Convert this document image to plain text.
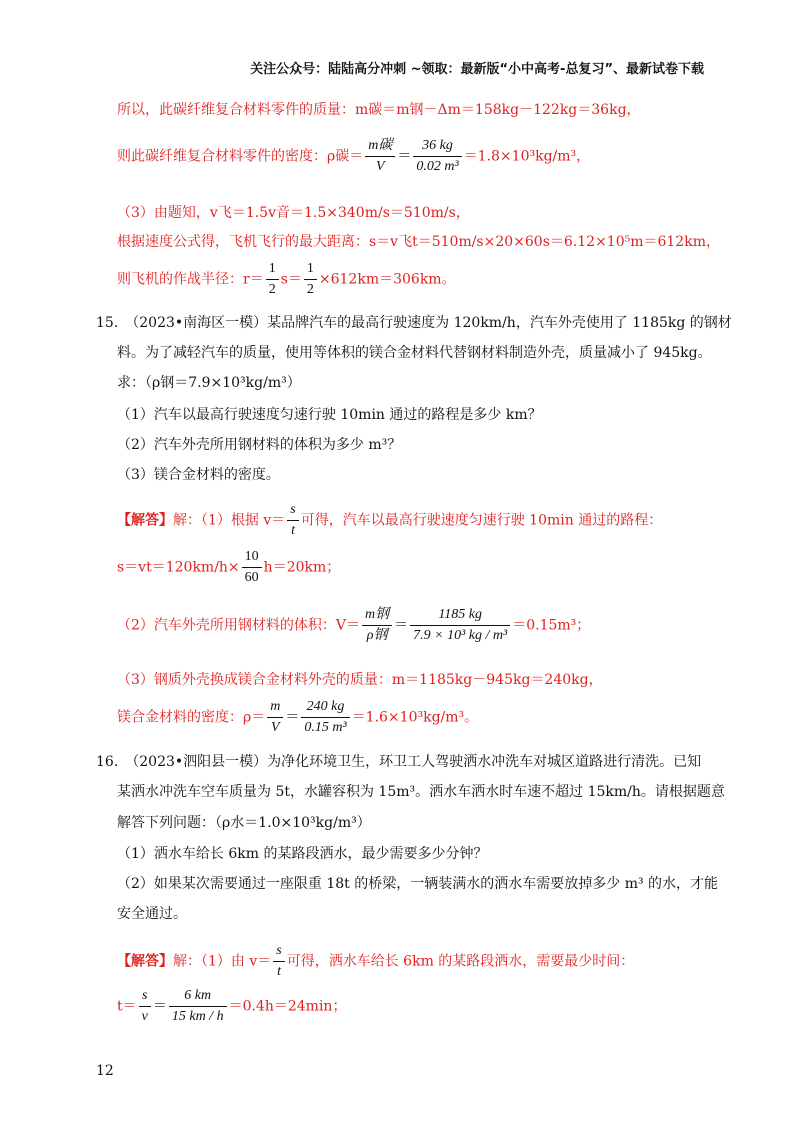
关注公众号：陆陆高分冲刺 ~领取：最新版“小中高考-总复习”、最新试卷下载
所以，此碳纤维复合材料零件的质量：m碳＝m钢－Δm＝158kg－122kg＝36kg，
则此碳纤维复合材料零件的密度：ρ碳＝ $\frac{\text{m碳}}{V} = \frac{36 kg}{\text{0.02 m³}} =1.8\times 10^3kg/m^3$，
（3）由题知，v飞＝1.5v音＝1.5×340m/s＝510m/s，
根据速度公式得，飞机飞行的最大距离：s＝v飞t＝510m/s×20×60s＝6.12×10⁵m＝612km，
则飞机的作战半径：$r= \frac{1}{2} s= \frac{1}{2} \times 612km=306km$。
15.　（2023•南海区一模）某品牌汽车的最高行驶速度为 120km/h，汽车外壳使用了 1185kg 的钢材
料。为了减轻汽车的质量，使用等体积的镁合金材料代替钢材料制造外壳，质量减小了 945kg。
求：（ρ钢＝7.9×10³kg/m³）
（1）汽车以最高行驶速度匀速行驶 10min 通过的路程是多少 km？
（2）汽车外壳所用钢材料的体积为多少 m³？
（3）镁合金材料的密度。
【解答】解：（1）根据 $v= \frac{s}{t}$ 可得，汽车以最高行驶速度匀速行驶 10min 通过的路程：
$s=vt=120km/h\times \frac{10}{60} h=20km$；
（2）汽车外壳所用钢材料的体积：$V= \frac{\text{m钢}}{\text{ρ钢}} = \frac{1185 kg}{\text{7.9 × 10³ kg / m³}} =0.15m^3$；
（3）钢质外壳换成镁合金材料外壳的质量：m＝1185kg－945kg＝240kg，
镁合金材料的密度：$\rho= \frac{m}{V} = \frac{240 kg}{\text{0.15 m³}} =1.6\times 10^3kg/m^3$。
16.　（2023•泗阳县一模）为净化环境卫生，环卫工人驾驶洒水冲洗车对城区道路进行清洗。已知
某洒水冲洗车空车质量为 5t，水罐容积为 15m³。洒水车洒水时车速不超过 15km/h。请根据题意
解答下列问题：（ρ水＝1.0×10³kg/m³）
（1）洒水车给长 6km 的某路段洒水，最少需要多少分钟？
（2）如果某次需要通过一座限重 18t 的桥梁，一辆装满水的洒水车需要放掉多少 m³ 的水，才能
安全通过。
【解答】解：（1）由 $v= \frac{s}{t}$ 可得，洒水车给长 6km 的某路段洒水，需要最少时间：
$t= \frac{s}{v} = \frac{6 km}{15 km / h} =0.4h=24\min$；
12
